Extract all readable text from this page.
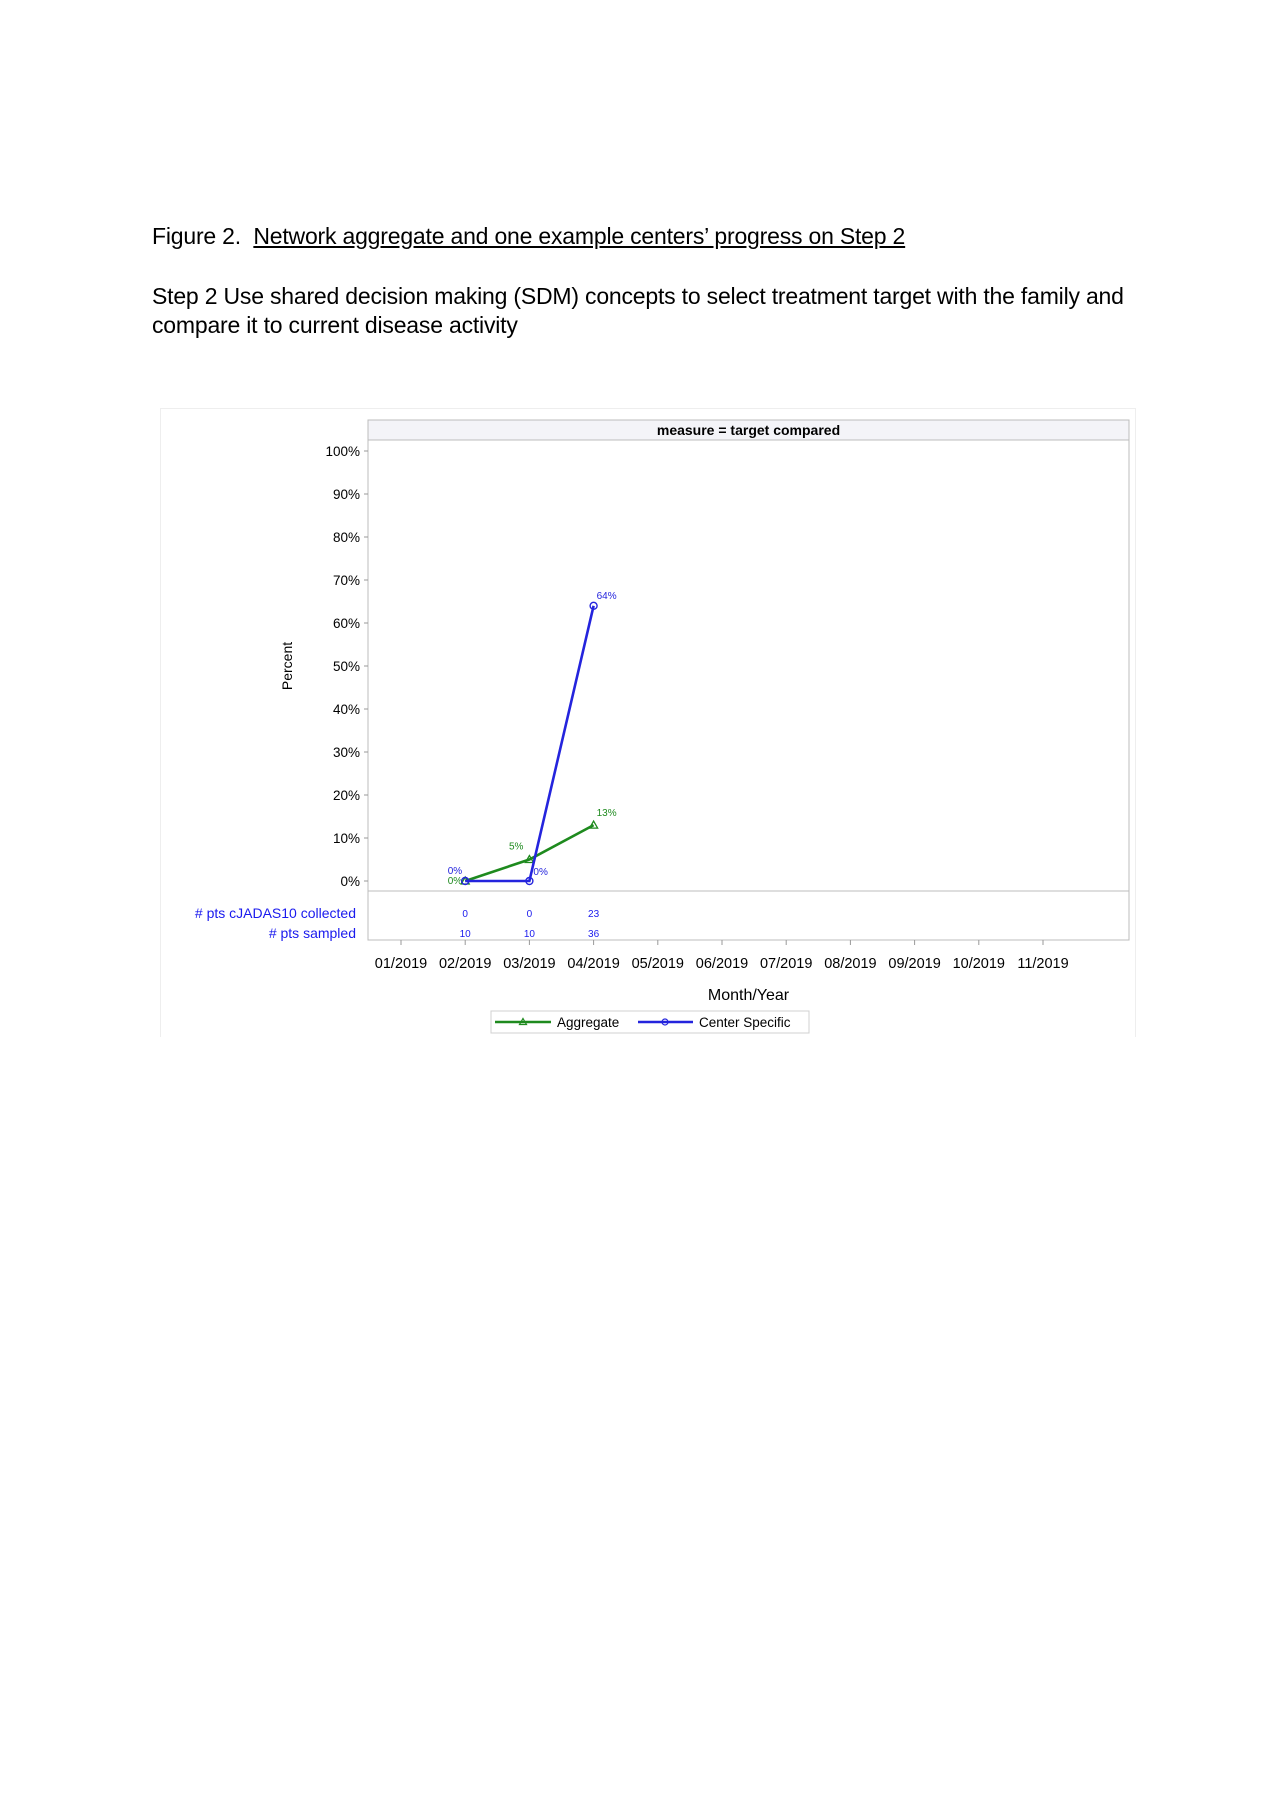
Figure 2. Network aggregate and one example centers’ progress on Step 2
Step 2 Use shared decision making (SDM) concepts to select treatment target with the family and compare it to current disease activity
measure = target compared
0%
10%
20%
30%
40%
50%
60%
70%
80%
90%
100%
Percent
01/2019 02/2019 03/2019 04/2019 05/2019 06/2019 07/2019 08/2019 09/2019 10/2019 11/2019
Month/Year
0%
5%
13%
0%	0%
64%
# pts cJADAS10 collected	0	0	23
# pts sampled	10	10	36
Aggregate	Center Specific
